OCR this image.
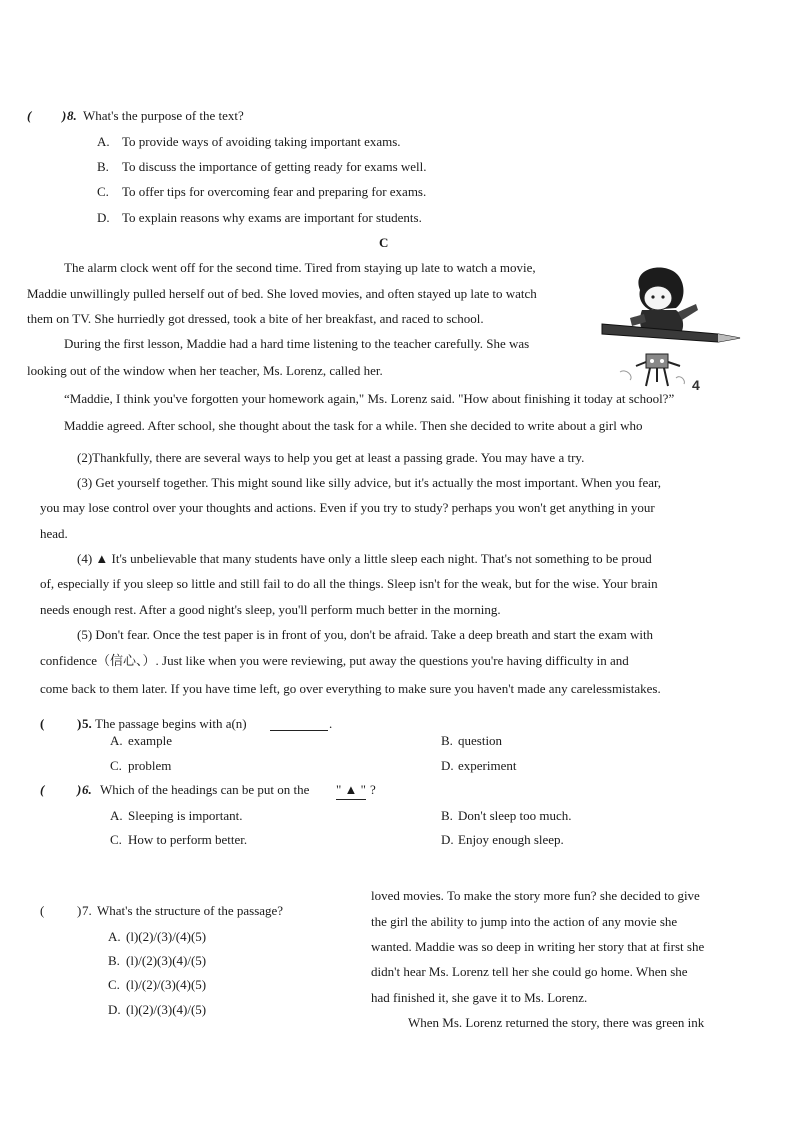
( ) 8. What's the purpose of the text?
A. To provide ways of avoiding taking important exams.
B. To discuss the importance of getting ready for exams well.
C. To offer tips for overcoming fear and preparing for exams.
D. To explain reasons why exams are important for students.
C
The alarm clock went off for the second time. Tired from staying up late to watch a movie,
Maddie unwillingly pulled herself out of bed. She loved movies, and often stayed up late to watch
them on TV. She hurriedly got dressed, took a bite of her breakfast, and raced to school.
During the first lesson, Maddie had a hard time listening to the teacher carefully. She was
looking out of the window when her teacher, Ms. Lorenz, called her.
“Maddie, I think you've forgotten your homework again," Ms. Lorenz said. "How about finishing it today at school?”
Maddie agreed. After school, she thought about the task for a while. Then she decided to write about a girl who
4
(2)Thankfully, there are several ways to help you get at least a passing grade. You may have a try.
(3) Get yourself together. This might sound like silly advice, but it's actually the most important. When you fear,
you may lose control over your thoughts and actions. Even if you try to study? perhaps you won't get anything in your
head.
(4) ▲ It's unbelievable that many students have only a little sleep each night. That's not something to be proud
of, especially if you sleep so little and still fail to do all the things. Sleep isn't for the weak, but for the wise. Your brain
needs enough rest. After a good night's sleep, you'll perform much better in the morning.
(5) Don't fear. Once the test paper is in front of you, don't be afraid. Take a deep breath and start the exam with
confidence（信心、）. Just like when you were reviewing, put away the questions you're having difficulty in and
come back to them later. If you have time left, go over everything to make sure you haven't made any carelessmistakes.
(	) 5. The passage begins with a(n)	.
A. example	B. question
C. problem	D. experiment
(	) 6. Which of the headings can be put on the " ▲ " ?
A. Sleeping is important.	B. Don't sleep too much.
C. How to perform better.	D. Enjoy enough sleep.
(	) 7. What's the structure of the passage?
A. (l)(2)/(3)/(4)(5)
B. (l)/(2)(3)(4)/(5)
C. (l)/(2)/(3)(4)(5)
D. (l)(2)/(3)(4)/(5)
loved movies. To make the story more fun? she decided to give
the girl the ability to jump into the action of any movie she
wanted. Maddie was so deep in writing her story that at first she
didn't hear Ms. Lorenz tell her she could go home. When she
had finished it, she gave it to Ms. Lorenz.
When Ms. Lorenz returned the story, there was green ink
